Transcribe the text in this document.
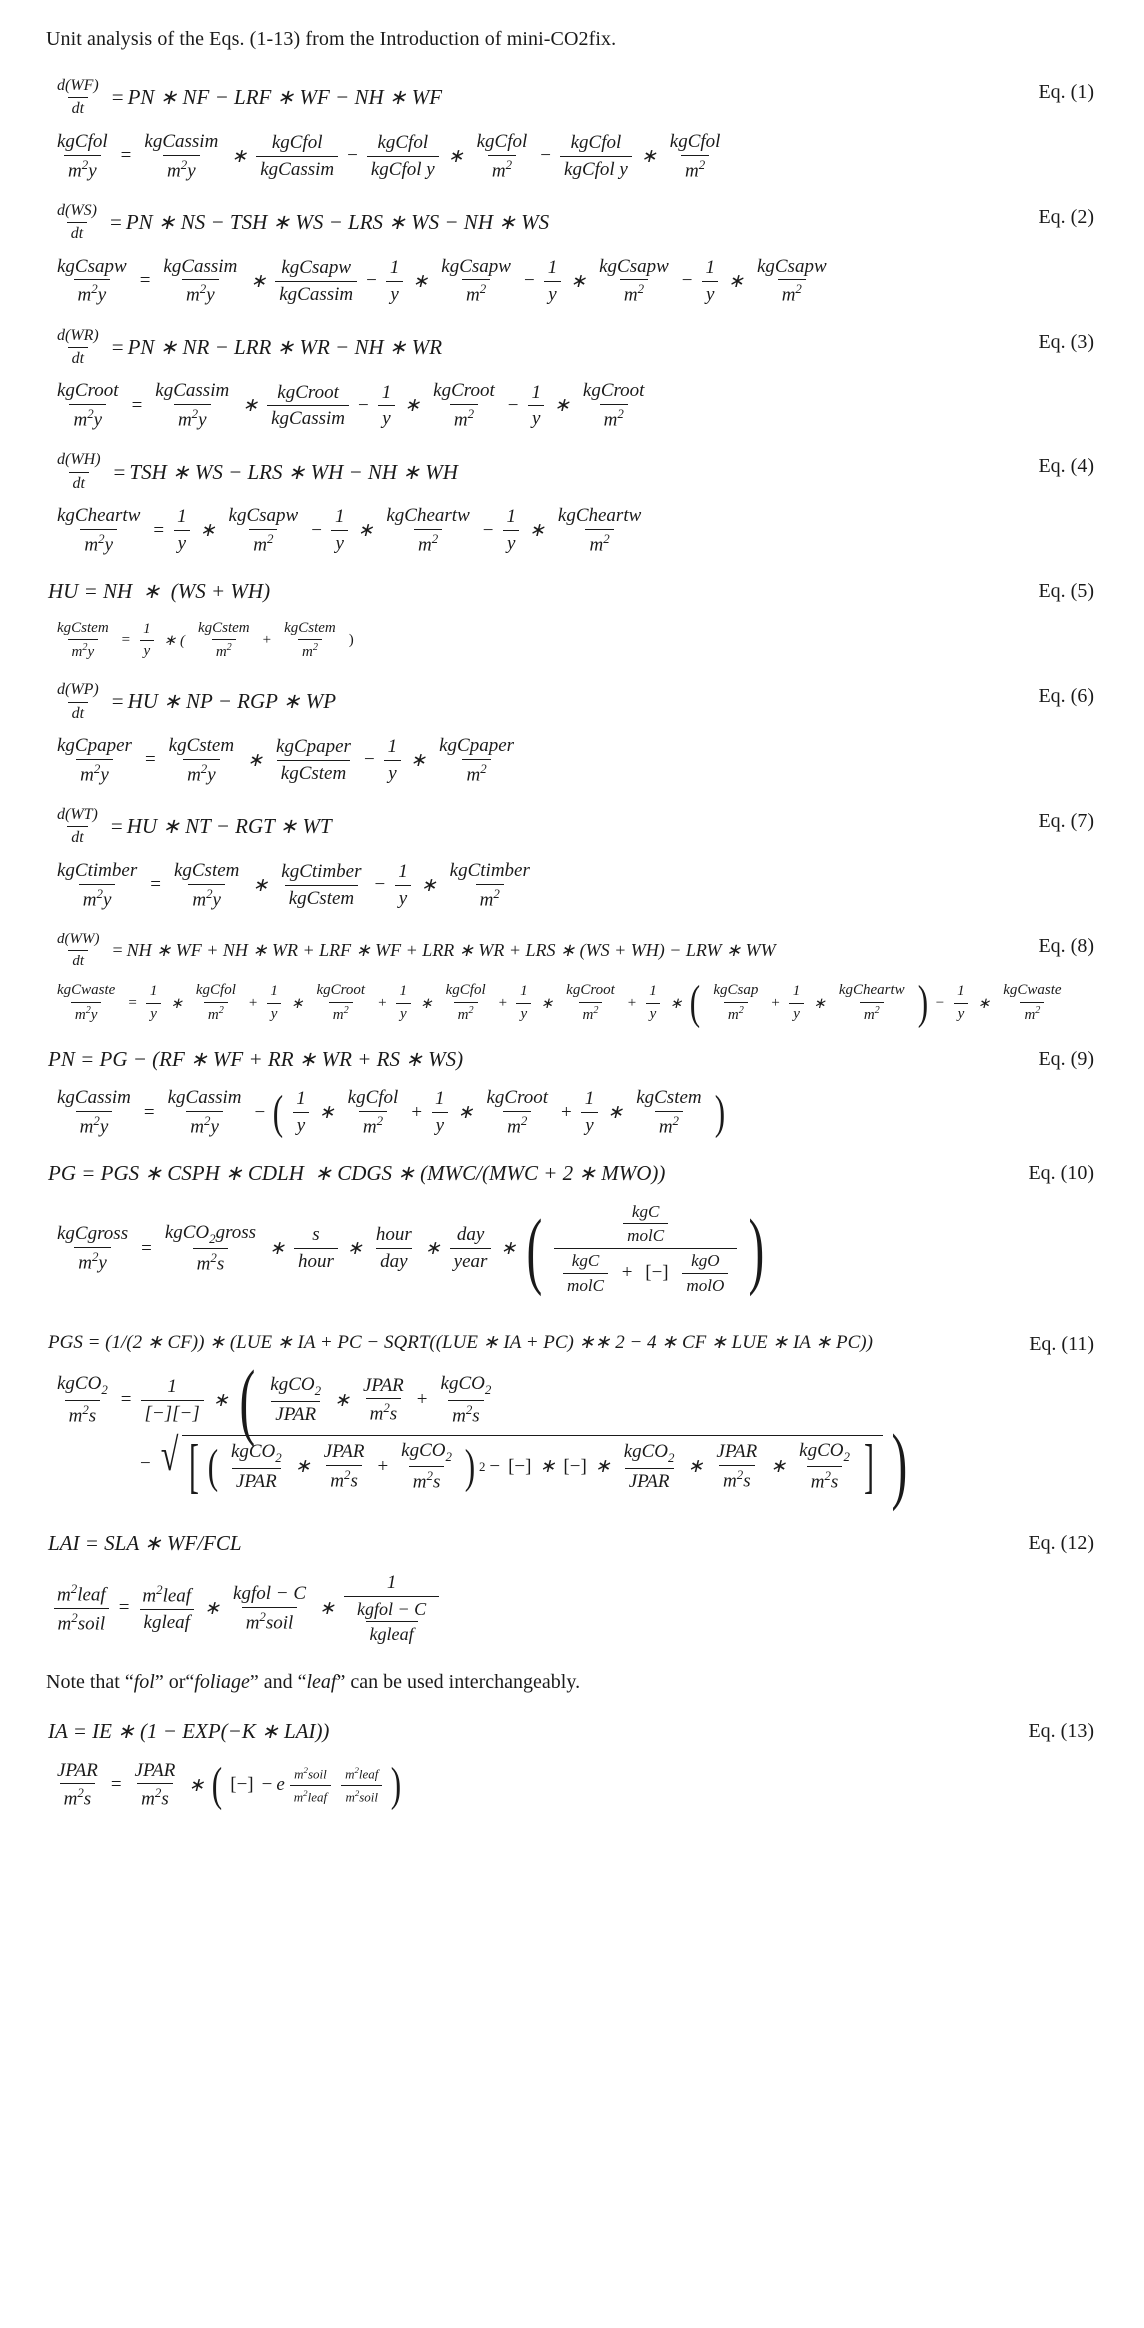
Unit analysis of the Eqs. (1-13) from the Introduction of mini-CO2fix.
Eq. (1)
$\frac{d(WF)}{dt}$ = PN ∗ NF − LRF ∗ WF − NH ∗ WF
$\frac{\text{kgCfol}}{m^2y} = \frac{\text{kgCassim}}{m^2y}$ ∗ $\frac{\text{kgCfol}}{\text{kgCassim}} - \frac{\text{kgCfol}}{\text{kgCfol y}}$ ∗ $\frac{\text{kgCfol}}{m^2} - \frac{\text{kgCfol}}{\text{kgCfol y}}$ ∗ $\frac{\text{kgCfol}}{m^2}$
Eq. (2)
$\frac{d(WS)}{dt}$ = PN ∗ NS − TSH ∗ WS − LRS ∗ WS − NH ∗ WS
$\frac{\text{kgCsapw}}{m^2y} = \frac{\text{kgCassim}}{m^2y}$ ∗ $\frac{\text{kgCsapw}}{\text{kgCassim}} - \frac{1}{y}$ ∗ $\frac{\text{kgCsapw}}{m^2} - \frac{1}{y}$ ∗ $\frac{\text{kgCsapw}}{m^2} - \frac{1}{y}$ ∗ $\frac{\text{kgCsapw}}{m^2}$
Eq. (3)
$\frac{d(WR)}{dt}$ = PN ∗ NR − LRR ∗ WR − NH ∗ WR
$\frac{\text{kgCroot}}{m^2y} = \frac{\text{kgCassim}}{m^2y}$ ∗ $\frac{\text{kgCroot}}{\text{kgCassim}} - \frac{1}{y}$ ∗ $\frac{\text{kgCroot}}{m^2} - \frac{1}{y}$ ∗ $\frac{\text{kgCroot}}{m^2}$
Eq. (4)
$\frac{d(WH)}{dt}$ = TSH ∗ WS − LRS ∗ WH − NH ∗ WH
$\frac{\text{kgCheartw}}{m^2y} = \frac{1}{y}$ ∗ $\frac{\text{kgCsapw}}{m^2} - \frac{1}{y}$ ∗ $\frac{\text{kgCheartw}}{m^2} - \frac{1}{y}$ ∗ $\frac{\text{kgCheartw}}{m^2}$
Eq. (5)
HU = NH  ∗  (WS + WH)
$\frac{\text{kgCstem}}{m^2y} = \frac{1}{y}$ ∗ ( $\frac{\text{kgCstem}}{m^2} + \frac{\text{kgCstem}}{m^2}$ )
Eq. (6)
$\frac{d(WP)}{dt}$ = HU ∗ NP − RGP ∗ WP
$\frac{\text{kgCpaper}}{m^2y} = \frac{\text{kgCstem}}{m^2y}$ ∗ $\frac{\text{kgCpaper}}{\text{kgCstem}} - \frac{1}{y}$ ∗ $\frac{\text{kgCpaper}}{m^2}$
Eq. (7)
$\frac{d(WT)}{dt}$ = HU ∗ NT − RGT ∗ WT
$\frac{\text{kgCtimber}}{m^2y} = \frac{\text{kgCstem}}{m^2y}$ ∗ $\frac{\text{kgCtimber}}{\text{kgCstem}} - \frac{1}{y}$ ∗ $\frac{\text{kgCtimber}}{m^2}$
Eq. (8)
$\frac{d(WW)}{dt}$ = NH ∗ WF + NH ∗ WR + LRF ∗ WF + LRR ∗ WR + LRS ∗ (WS + WH) − LRW ∗ WW
$\frac{\text{kgCwaste}}{m^2y} = \frac{1}{y}$ ∗ $\frac{\text{kgCfol}}{m^2} + \frac{1}{y}$ ∗ $\frac{\text{kgCroot}}{m^2} + \frac{1}{y}$ ∗ $\frac{\text{kgCfol}}{m^2} + \frac{1}{y}$ ∗ $\frac{\text{kgCroot}}{m^2} + \frac{1}{y}$ ∗ ( $\frac{\text{kgCsap}}{m^2} + \frac{1}{y}$ ∗ $\frac{\text{kgCheartw}}{m^2}$ ) − $\frac{1}{y}$ ∗ $\frac{\text{kgCwaste}}{m^2}$
Eq. (9)
PN = PG − (RF ∗ WF + RR ∗ WR + RS ∗ WS)
$\frac{\text{kgCassim}}{m^2y} = \frac{\text{kgCassim}}{m^2y}$ − ( $\frac{1}{y}$ ∗ $\frac{\text{kgCfol}}{m^2} + \frac{1}{y}$ ∗ $\frac{\text{kgCroot}}{m^2} + \frac{1}{y}$ ∗ $\frac{\text{kgCstem}}{m^2}$ )
Eq. (10)
PG = PGS ∗ CSPH ∗ CDLH  ∗ CDGS ∗ (MWC/(MWC + 2 ∗ MWO))
$\frac{\text{kgCgross}}{m^2y} = \frac{kgCO_2gross}{m^2s}$ ∗ $\frac{s}{\text{hour}}$ ∗ $\frac{\text{hour}}{\text{day}}$ ∗ $\frac{\text{day}}{\text{year}}$ ∗ ( $\frac{\frac{\text{kgC}}{\text{molC}}}{\frac{\text{kgC}}{\text{molC}} + [-] \frac{\text{kgO}}{\text{molO}}}$ )
Eq. (11)
PGS = (1/(2 ∗ CF)) ∗ (LUE ∗ IA + PC − SQRT((LUE ∗ IA + PC) ∗∗ 2 − 4 ∗ CF ∗ LUE ∗ IA ∗ PC))
$\frac{kgCO_2}{m^2s} = \frac{1}{[-][-]}$ ∗ ( $\frac{kgCO_2}{\text{JPAR}}$ ∗ $\frac{\text{JPAR}}{m^2s} + \frac{kgCO_2}{m^2s}$
− √ [ ( $\frac{kgCO_2}{\text{JPAR}}$ ∗ $\frac{\text{JPAR}}{m^2s} + \frac{kgCO_2}{m^2s}$ ) 2 − [−] ∗ [−] ∗ $\frac{kgCO_2}{\text{JPAR}}$ ∗ $\frac{\text{JPAR}}{m^2s}$ ∗ $\frac{kgCO_2}{m^2s}$ ] )
Eq. (12)
LAI = SLA ∗ WF/FCL
$\frac{m^2leaf}{m^2soil} = \frac{m^2leaf}{\text{kgleaf}}$ ∗ $\frac{\text{kgfol − C}}{m^2soil}$ ∗ $\frac{1}{\frac{\text{kgfol − C}}{\text{kgleaf}}}$
Note that “fol” or“foliage” and “leaf” can be used interchangeably.
Eq. (13)
IA = IE ∗ (1 − EXP(−K ∗ LAI))
$\frac{\text{JPAR}}{m^2s} = \frac{\text{JPAR}}{m^2s}$ ∗ ( [−] − e $\frac{m^2soil}{m^2leaf} \frac{m^2leaf}{m^2soil}$ )
